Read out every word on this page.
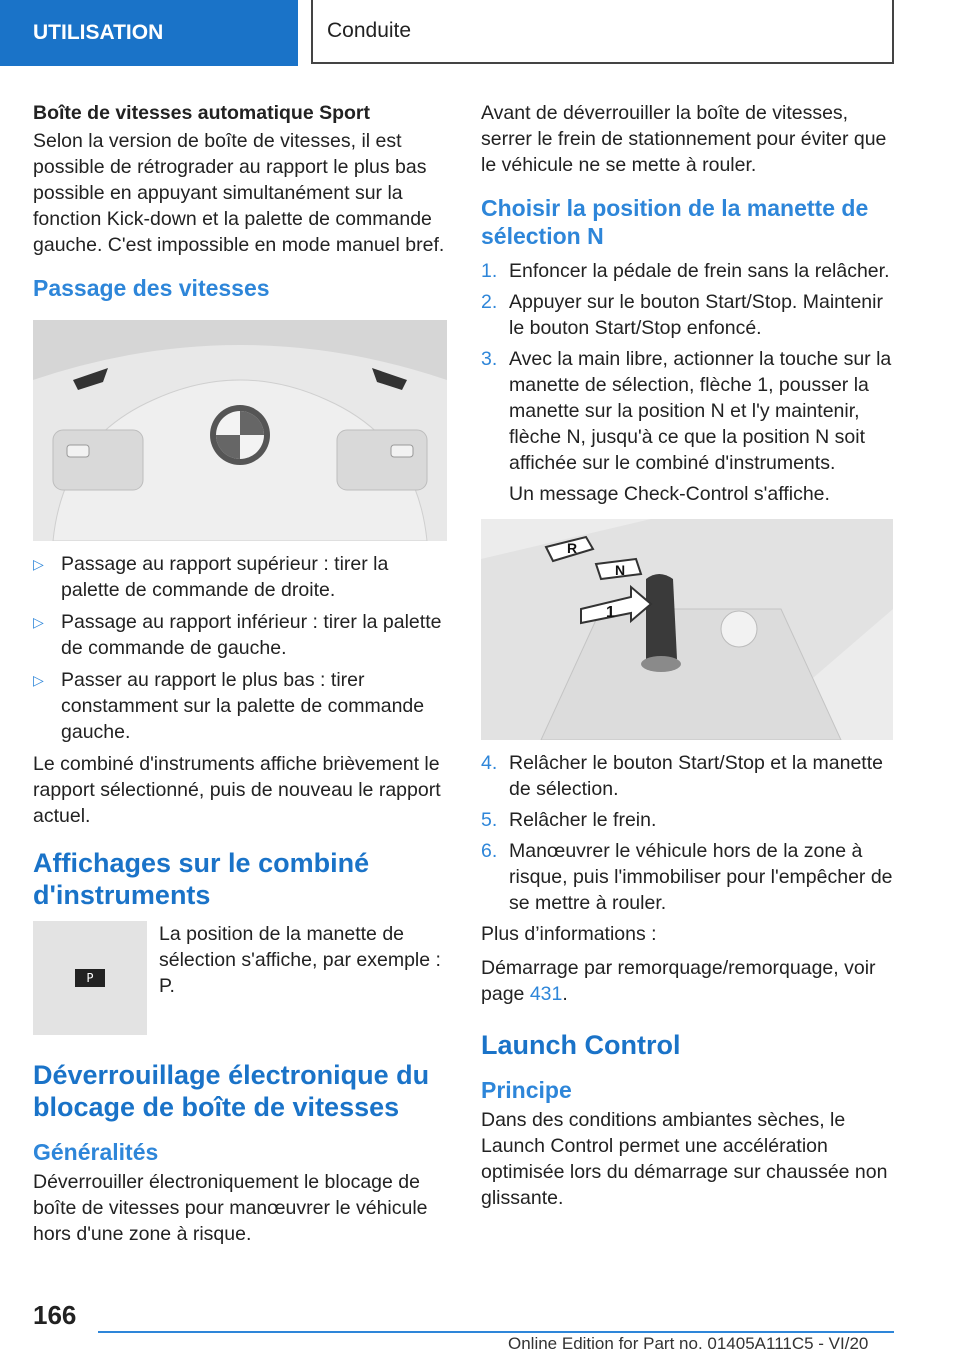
UTILISATION	Conduite

Boîte de vitesses automatique Sport

Selon la version de boîte de vitesses, il est possible de rétrograder au rapport le plus bas possible en appuyant simultanément sur la fonction Kick-down et la palette de commande gauche. C'est impossible en mode manuel bref.

Passage des vitesses
▷ Passage au rapport supérieur : tirer la palette de commande de droite.
▷ Passage au rapport inférieur : tirer la palette de commande de gauche.
▷ Passer au rapport le plus bas : tirer constamment sur la palette de commande gauche.

Le combiné d'instruments affiche brièvement le rapport sélectionné, puis de nouveau le rapport actuel.

Affichages sur le combiné d'instruments
P
La position de la manette de sélection s'affiche, par exemple : P.
Déverrouillage électronique du blocage de boîte de vitesses
Généralités

Déverrouiller électroniquement le blocage de boîte de vitesses pour manœuvrer le véhicule hors d'une zone à risque.

Avant de déverrouiller la boîte de vitesses, serrer le frein de stationnement pour éviter que le véhicule ne se mette à rouler.

Choisir la position de la manette de sélection N
1. Enfoncer la pédale de frein sans la relâcher.
2. Appuyer sur le bouton Start/Stop. Maintenir le bouton Start/Stop enfoncé.
3. Avec la main libre, actionner la touche sur la manette de sélection, flèche 1, pousser la manette sur la position N et l'y maintenir, flèche N, jusqu'à ce que la position N soit affichée sur le combiné d'instruments.

Un message Check-Control s'affiche.

R
N
1
4. Relâcher le bouton Start/Stop et la manette de sélection.
5. Relâcher le frein.
6. Manœuvrer le véhicule hors de la zone à risque, puis l'immobiliser pour l'empêcher de se mettre à rouler.

Plus d’informations :

Démarrage par remorquage/remorquage, voir page 431.

Launch Control
Principe

Dans des conditions ambiantes sèches, le Launch Control permet une accélération optimisée lors du démarrage sur chaussée non glissante.

166
Online Edition for Part no. 01405A111C5 - VI/20
